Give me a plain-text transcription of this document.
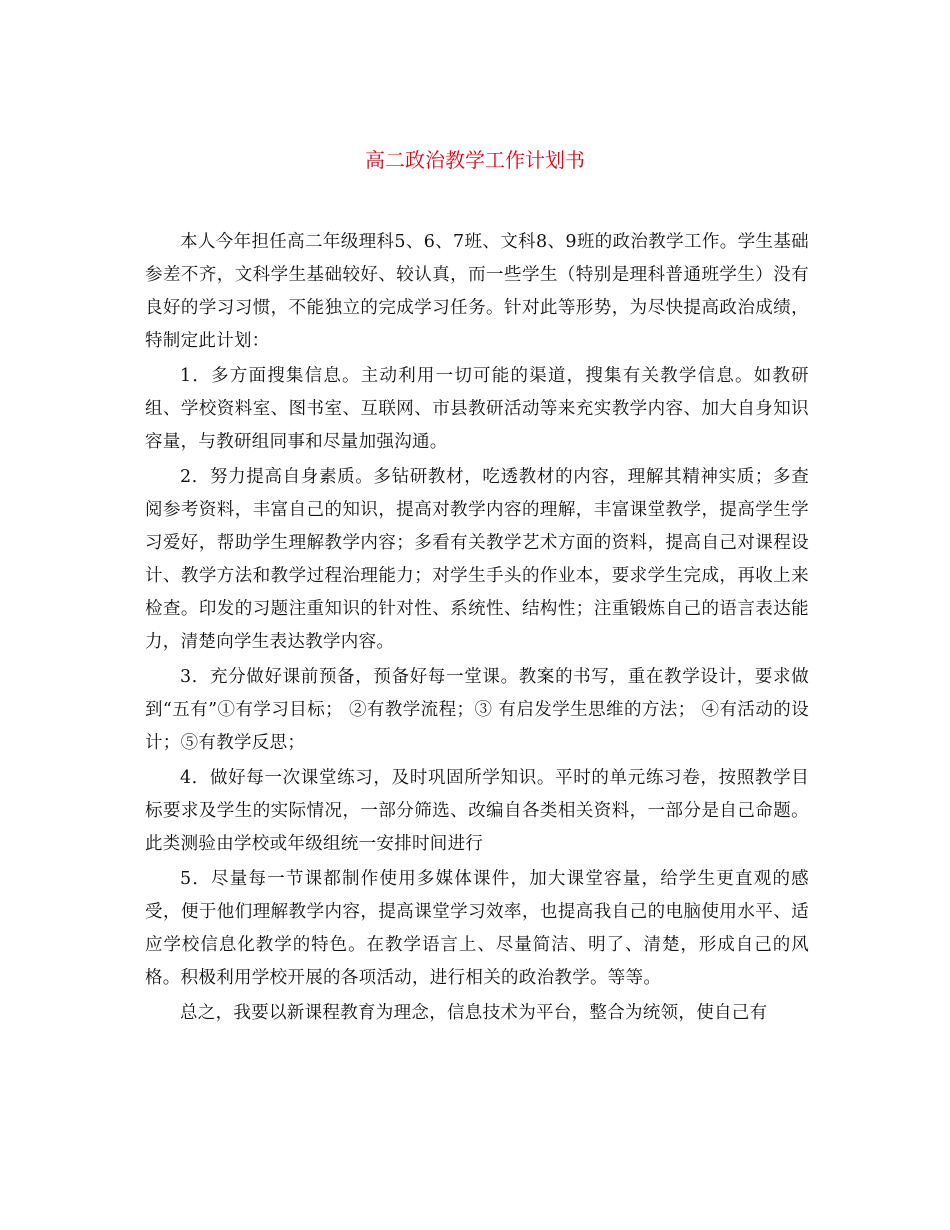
高二政治教学工作计划书

本人今年担任高二年级理科5、6、7班、文科8、9班的政治教学工作。学生基础参差不齐，文科学生基础较好、较认真，而一些学生（特别是理科普通班学生）没有良好的学习习惯，不能独立的完成学习任务。针对此等形势，为尽快提高政治成绩，特制定此计划：

1．多方面搜集信息。主动利用一切可能的渠道，搜集有关教学信息。如教研组、学校资料室、图书室、互联网、市县教研活动等来充实教学内容、加大自身知识容量，与教研组同事和尽量加强沟通。

2．努力提高自身素质。多钻研教材，吃透教材的内容，理解其精神实质；多查阅参考资料，丰富自己的知识，提高对教学内容的理解，丰富课堂教学，提高学生学习爱好，帮助学生理解教学内容；多看有关教学艺术方面的资料，提高自己对课程设计、教学方法和教学过程治理能力；对学生手头的作业本，要求学生完成，再收上来检查。印发的习题注重知识的针对性、系统性、结构性；注重锻炼自己的语言表达能力，清楚向学生表达教学内容。

3．充分做好课前预备，预备好每一堂课。教案的书写，重在教学设计，要求做到“五有”①有学习目标； ②有教学流程；③ 有启发学生思维的方法； ④有活动的设计；⑤有教学反思；

4．做好每一次课堂练习，及时巩固所学知识。平时的单元练习卷，按照教学目标要求及学生的实际情况，一部分筛选、改编自各类相关资料，一部分是自己命题。此类测验由学校或年级组统一安排时间进行

5．尽量每一节课都制作使用多媒体课件，加大课堂容量，给学生更直观的感受，便于他们理解教学内容，提高课堂学习效率，也提高我自己的电脑使用水平、适应学校信息化教学的特色。在教学语言上、尽量简洁、明了、清楚，形成自己的风格。积极利用学校开展的各项活动，进行相关的政治教学。等等。

总之，我要以新课程教育为理念，信息技术为平台，整合为统领，使自己有
